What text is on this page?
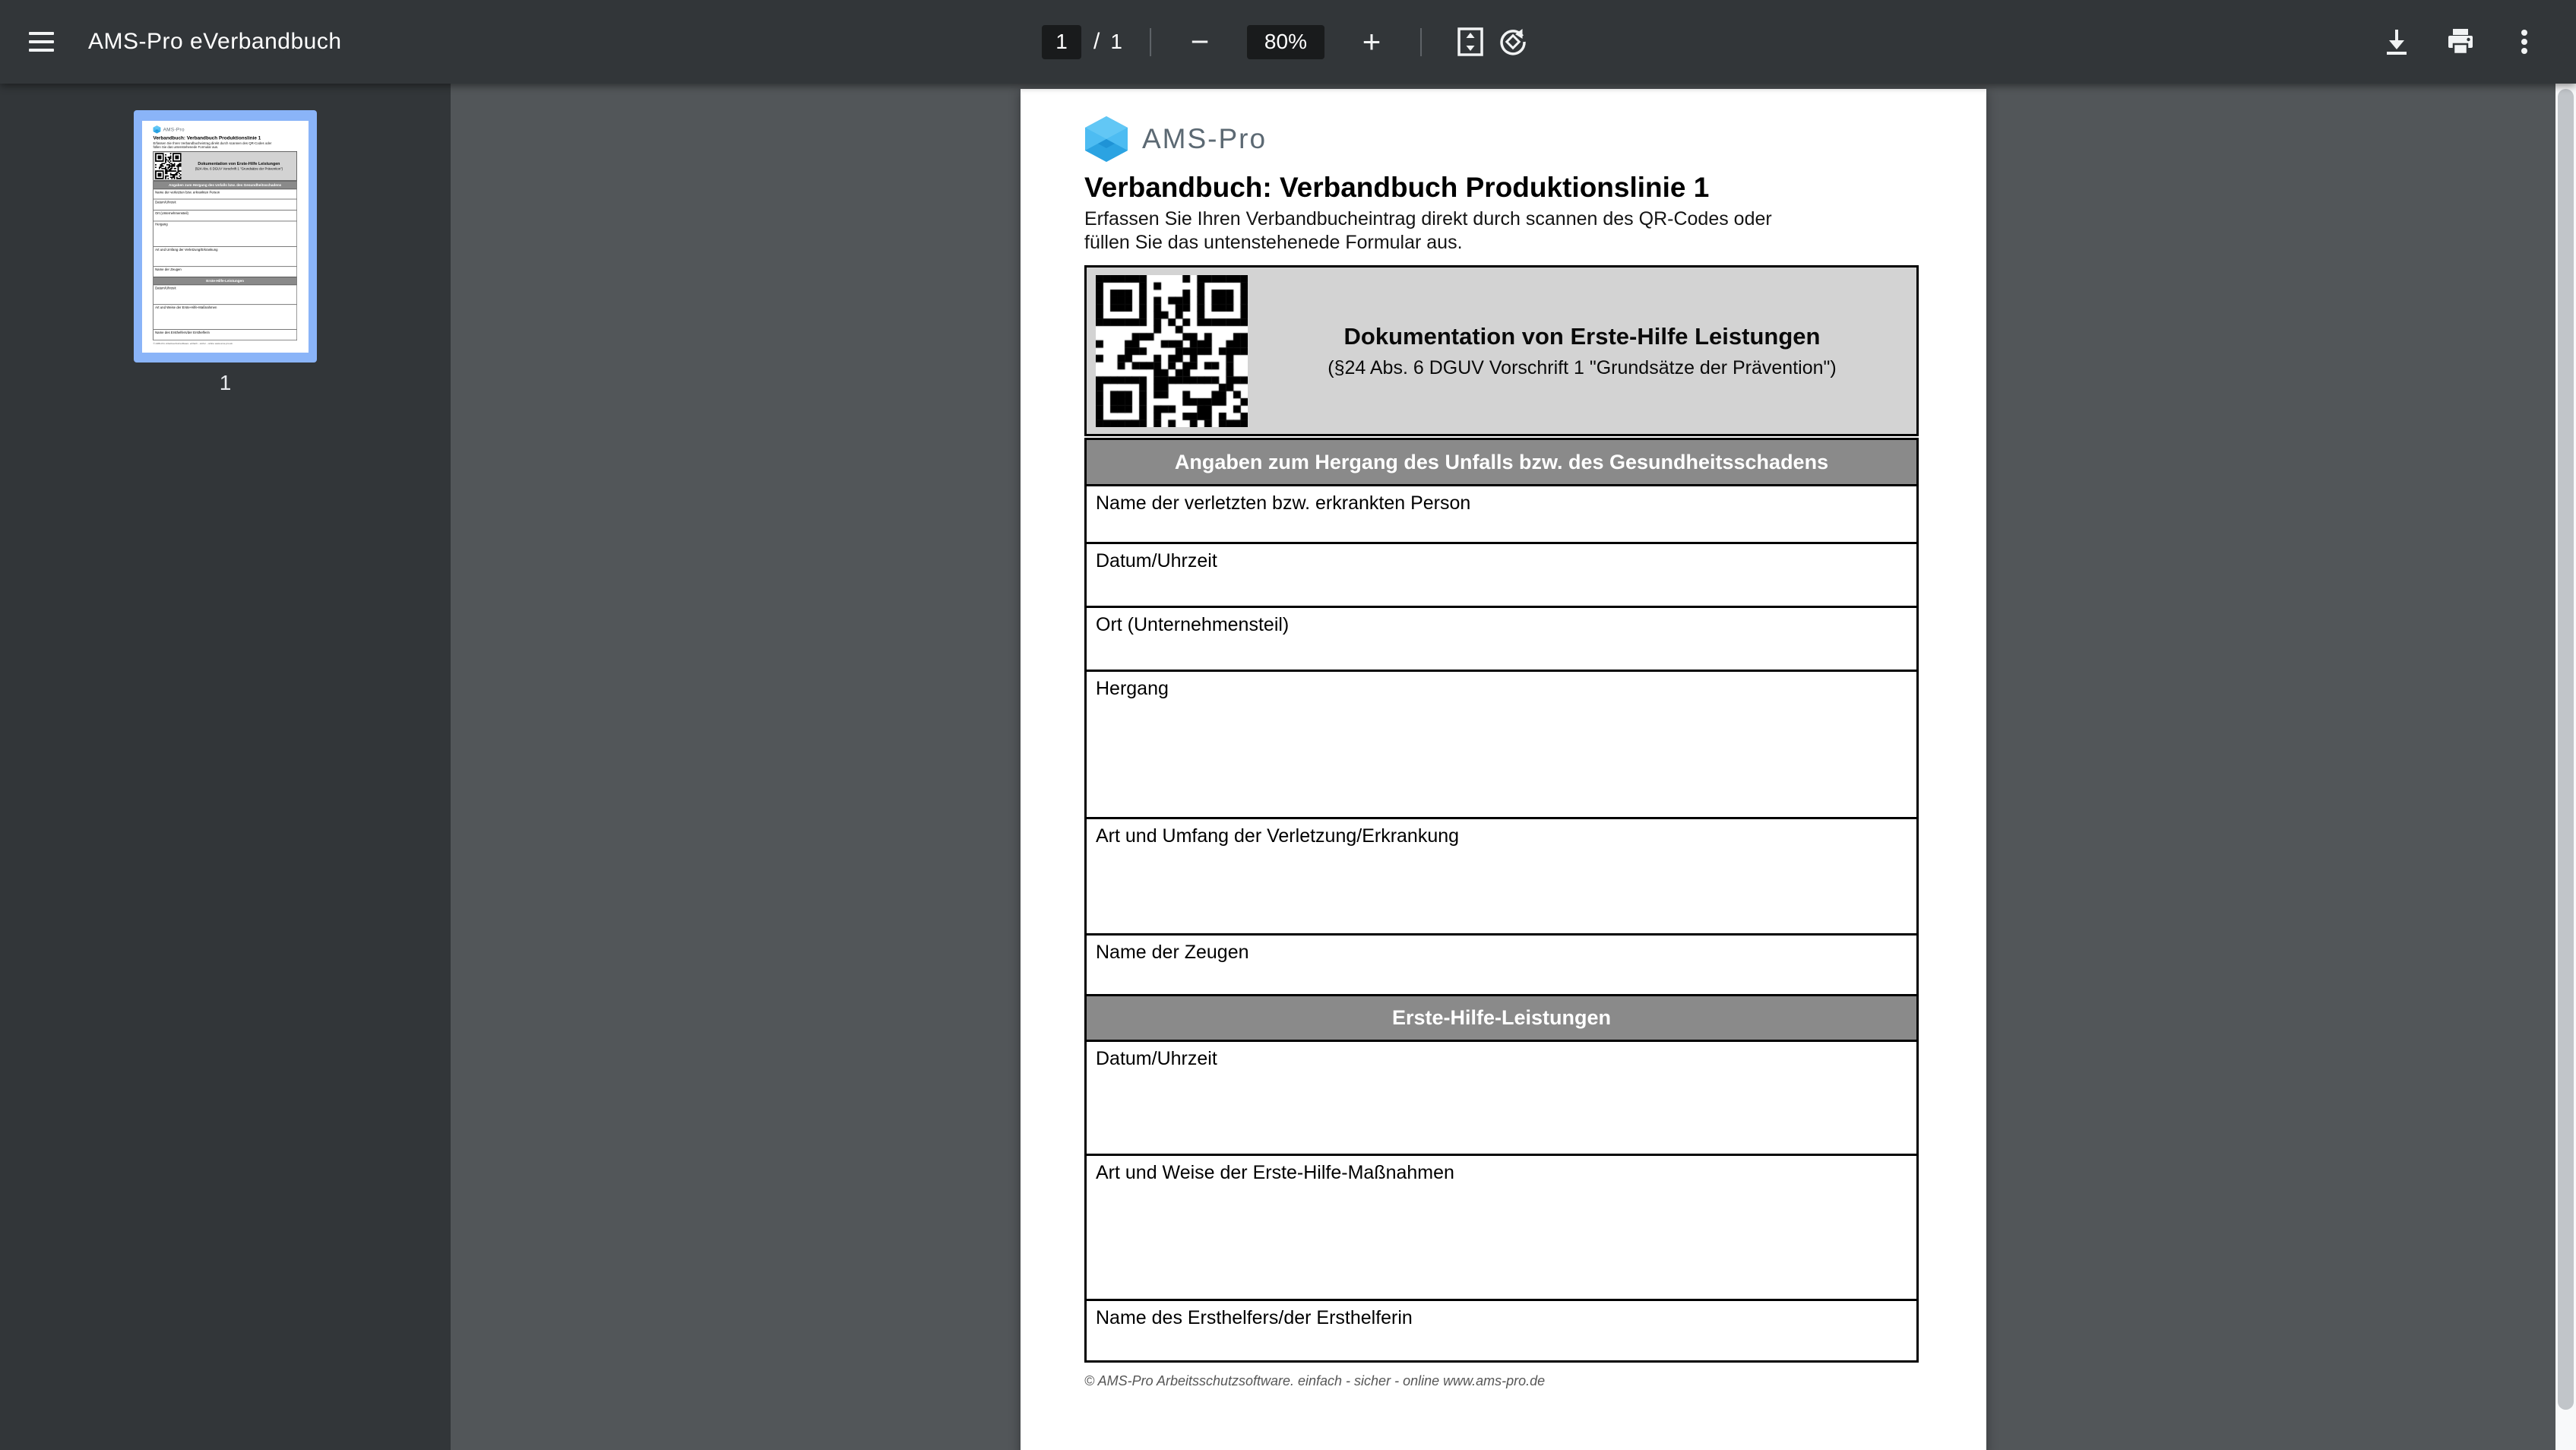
AMS-Pro eVerbandbuch	1	/ 1 −	80%	+
AMS-Pro
Verbandbuch: Verbandbuch Produktionslinie 1
Erfassen Sie Ihren Verbandbucheintrag direkt durch scannen des QR-Codes oder
füllen Sie das untenstehenede Formular aus.
Dokumentation von Erste-Hilfe Leistungen
(§24 Abs. 6 DGUV Vorschrift 1 "Grundsätze der Prävention")
Angaben zum Hergang des Unfalls bzw. des Gesundheitsschadens
Name der verletzten bzw. erkrankten Person
Datum/Uhrzeit
Ort (Unternehmensteil)
Hergang
Art und Umfang der Verletzung/Erkrankung
Name der Zeugen
Erste-Hilfe-Leistungen
Datum/Uhrzeit
Art und Weise der Erste-Hilfe-Maßnahmen
Name des Ersthelfers/der Ersthelferin
© AMS-Pro Arbeitsschutzsoftware. einfach - sicher - online www.ams-pro.de
1
AMS-Pro
Verbandbuch: Verbandbuch Produktionslinie 1
Erfassen Sie Ihren Verbandbucheintrag direkt durch scannen des QR-Codes oder
füllen Sie das untenstehenede Formular aus.
Dokumentation von Erste-Hilfe Leistungen
(§24 Abs. 6 DGUV Vorschrift 1 "Grundsätze der Prävention")
Angaben zum Hergang des Unfalls bzw. des Gesundheitsschadens
Name der verletzten bzw. erkrankten Person
Datum/Uhrzeit
Ort (Unternehmensteil)
Hergang
Art und Umfang der Verletzung/Erkrankung
Name der Zeugen
Erste-Hilfe-Leistungen
Datum/Uhrzeit
Art und Weise der Erste-Hilfe-Maßnahmen
Name des Ersthelfers/der Ersthelferin
© AMS-Pro Arbeitsschutzsoftware. einfach - sicher - online www.ams-pro.de
